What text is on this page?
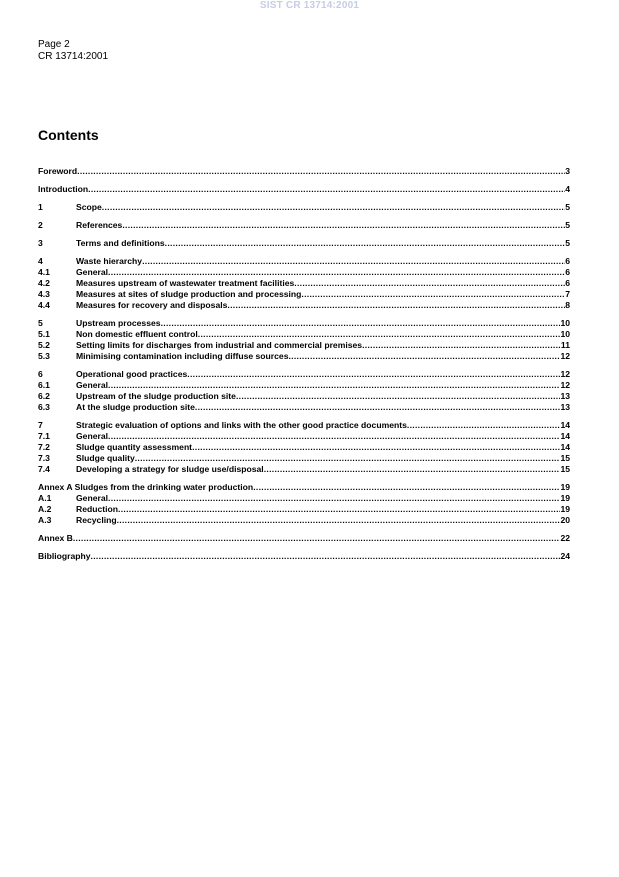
SIST CR 13714:2001
Page 2
CR 13714:2001
Contents
Foreword .....	3
Introduction .....	4
1	Scope .....	5
2	References .....	5
3	Terms and definitions .....	5
4	Waste hierarchy .....	6
4.1	General .....	6
4.2	Measures upstream of wastewater treatment facilities .....	6
4.3	Measures at sites of sludge production and processing .....	7
4.4	Measures for recovery and disposals .....	8
5	Upstream processes .....	10
5.1	Non domestic effluent control .....	10
5.2	Setting limits for discharges from industrial and commercial premises .....	11
5.3	Minimising contamination including diffuse sources .....	12
6	Operational good practices .....	12
6.1	General .....	12
6.2	Upstream of the sludge production site .....	13
6.3	At the sludge production site .....	13
7	Strategic evaluation of options and links with the other good practice documents .....	14
7.1	General .....	14
7.2	Sludge quantity assessment .....	14
7.3	Sludge quality .....	15
7.4	Developing a strategy for sludge use/disposal .....	15
Annex A Sludges from the drinking water production .....	19
A.1	General .....	19
A.2	Reduction .....	19
A.3	Recycling .....	20
Annex B .....	22
Bibliography .....	24
